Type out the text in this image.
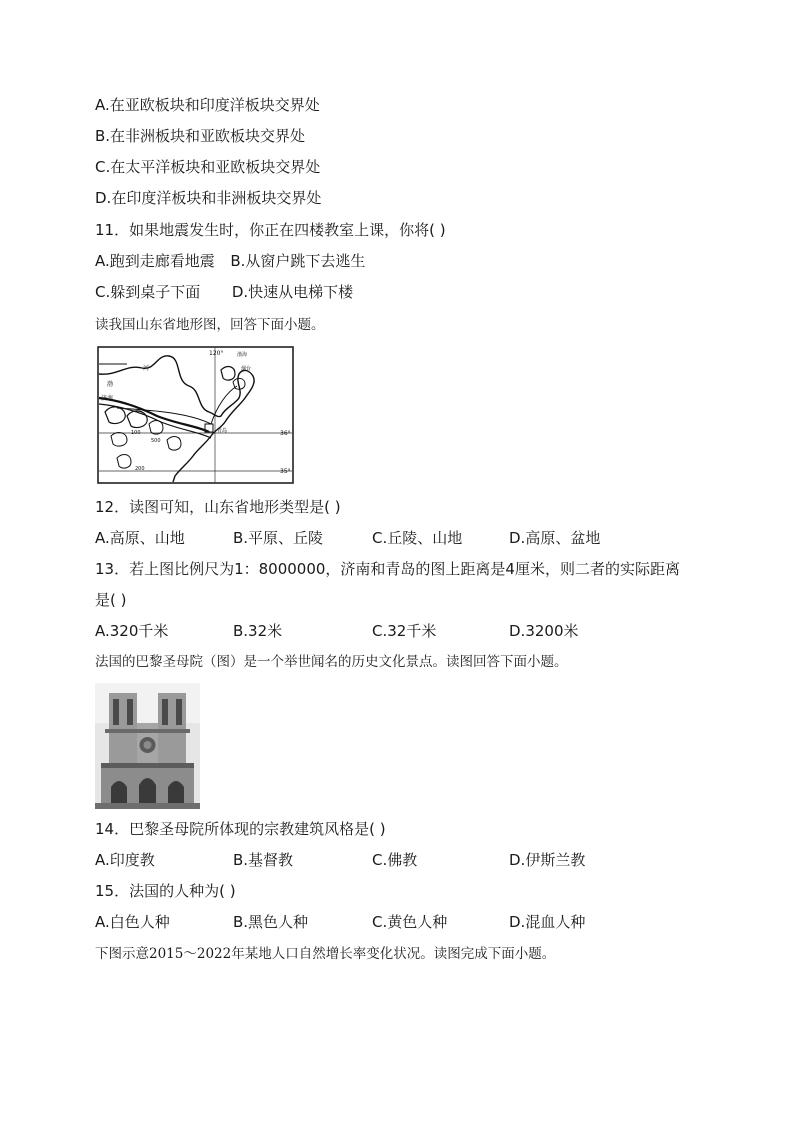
A.在亚欧板块和印度洋板块交界处
B.在非洲板块和亚欧板块交界处
C.在太平洋板块和亚欧板块交界处
D.在印度洋板块和非洲板块交界处
11．如果地震发生时，你正在四楼教室上课，你将( )
A.跑到走廊看地震 B.从窗户跳下去逃生
C.躲到桌子下面 D.快速从电梯下楼
读我国山东省地形图，回答下面小题。
120°
36°
35°
渤
河
济南
青岛
烟台
渤海
100
500
200
12．读图可知，山东省地形类型是( )
A.高原、山地	B.平原、丘陵	C.丘陵、山地	D.高原、盆地
13．若上图比例尺为1：8000000，济南和青岛的图上距离是4厘米，则二者的实际距离
是( )
A.320千米	B.32米	C.32千米	D.3200米
法国的巴黎圣母院（图）是一个举世闻名的历史文化景点。读图回答下面小题。
14．巴黎圣母院所体现的宗教建筑风格是( )
A.印度教	B.基督教	C.佛教	D.伊斯兰教
15．法国的人种为( )
A.白色人种	B.黑色人种	C.黄色人种	D.混血人种
下图示意2015～2022年某地人口自然增长率变化状况。读图完成下面小题。
